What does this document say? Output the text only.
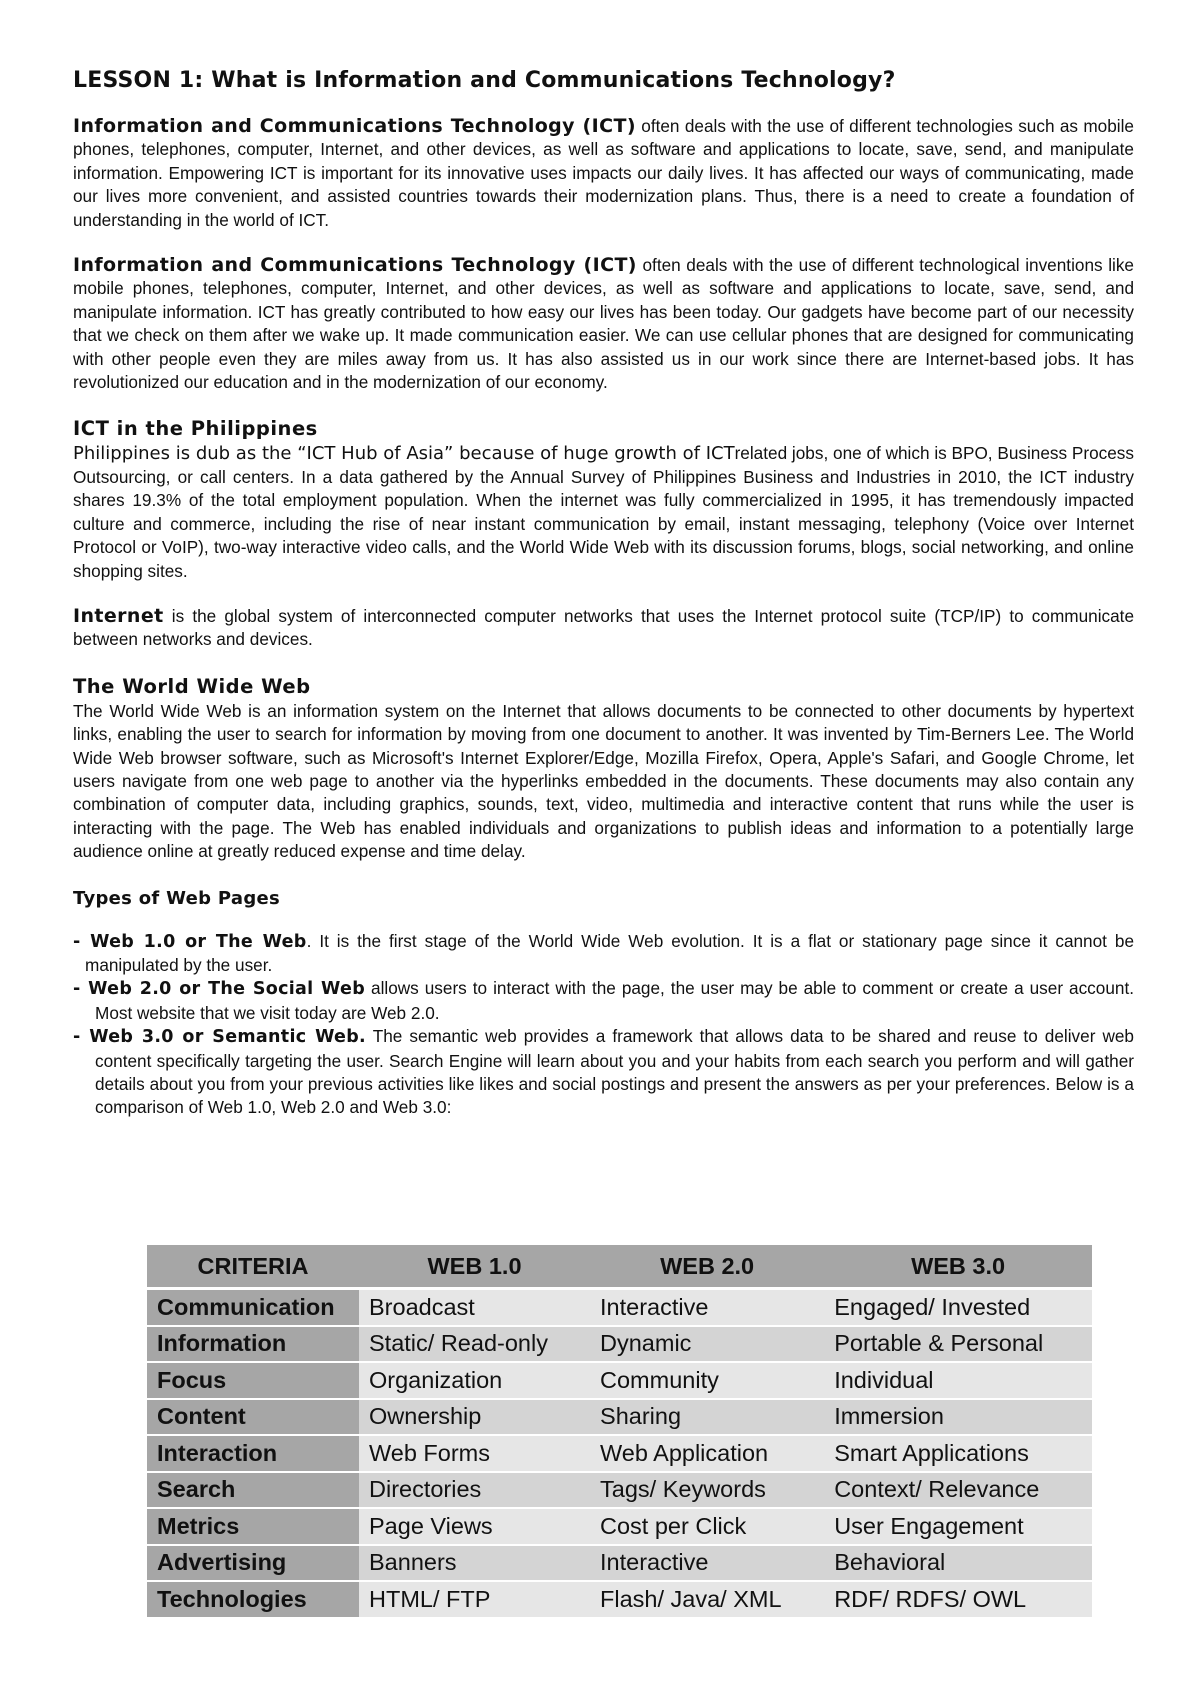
LESSON 1: What is Information and Communications Technology?

Information and Communications Technology (ICT) often deals with the use of different technologies such as mobile phones, telephones, computer, Internet, and other devices, as well as software and applications to locate, save, send, and manipulate information. Empowering ICT is important for its innovative uses impacts our daily lives. It has affected our ways of communicating, made our lives more convenient, and assisted countries towards their modernization plans. Thus, there is a need to create a foundation of understanding in the world of ICT.

Information and Communications Technology (ICT) often deals with the use of different technological inventions like mobile phones, telephones, computer, Internet, and other devices, as well as software and applications to locate, save, send, and manipulate information. ICT has greatly contributed to how easy our lives has been today. Our gadgets have become part of our necessity that we check on them after we wake up. It made communication easier. We can use cellular phones that are designed for communicating with other people even they are miles away from us. It has also assisted us in our work since there are Internet-based jobs. It has revolutionized our education and in the modernization of our economy.

ICT in the Philippines

Philippines is dub as the “ICT Hub of Asia” because of huge growth of ICTrelated jobs, one of which is BPO, Business Process Outsourcing, or call centers. In a data gathered by the Annual Survey of Philippines Business and Industries in 2010, the ICT industry shares 19.3% of the total employment population. When the internet was fully commercialized in 1995, it has tremendously impacted culture and commerce, including the rise of near instant communication by email, instant messaging, telephony (Voice over Internet Protocol or VoIP), two-way interactive video calls, and the World Wide Web with its discussion forums, blogs, social networking, and online shopping sites.

Internet is the global system of interconnected computer networks that uses the Internet protocol suite (TCP/IP) to communicate between networks and devices.

The World Wide Web

The World Wide Web is an information system on the Internet that allows documents to be connected to other documents by hypertext links, enabling the user to search for information by moving from one document to another. It was invented by Tim-Berners Lee. The World Wide Web browser software, such as Microsoft's Internet Explorer/Edge, Mozilla Firefox, Opera, Apple's Safari, and Google Chrome, let users navigate from one web page to another via the hyperlinks embedded in the documents. These documents may also contain any combination of computer data, including graphics, sounds, text, video, multimedia and interactive content that runs while the user is interacting with the page. The Web has enabled individuals and organizations to publish ideas and information to a potentially large audience online at greatly reduced expense and time delay.

Types of Web Pages

- Web 1.0 or The Web. It is the first stage of the World Wide Web evolution. It is a flat or stationary page since it cannot be manipulated by the user.

- Web 2.0 or The Social Web allows users to interact with the page, the user may be able to comment or create a user account. Most website that we visit today are Web 2.0.

- Web 3.0 or Semantic Web. The semantic web provides a framework that allows data to be shared and reuse to deliver web content specifically targeting the user. Search Engine will learn about you and your habits from each search you perform and will gather details about you from your previous activities like likes and social postings and present the answers as per your preferences. Below is a comparison of Web 1.0, Web 2.0 and Web 3.0:

CRITERIA	WEB 1.0	WEB 2.0	WEB 3.0
Communication	Broadcast	Interactive	Engaged/ Invested
Information	Static/ Read-only	Dynamic	Portable & Personal
Focus	Organization	Community	Individual
Content	Ownership	Sharing	Immersion
Interaction	Web Forms	Web Application	Smart Applications
Search	Directories	Tags/ Keywords	Context/ Relevance
Metrics	Page Views	Cost per Click	User Engagement
Advertising	Banners	Interactive	Behavioral
Technologies	HTML/ FTP	Flash/ Java/ XML	RDF/ RDFS/ OWL
